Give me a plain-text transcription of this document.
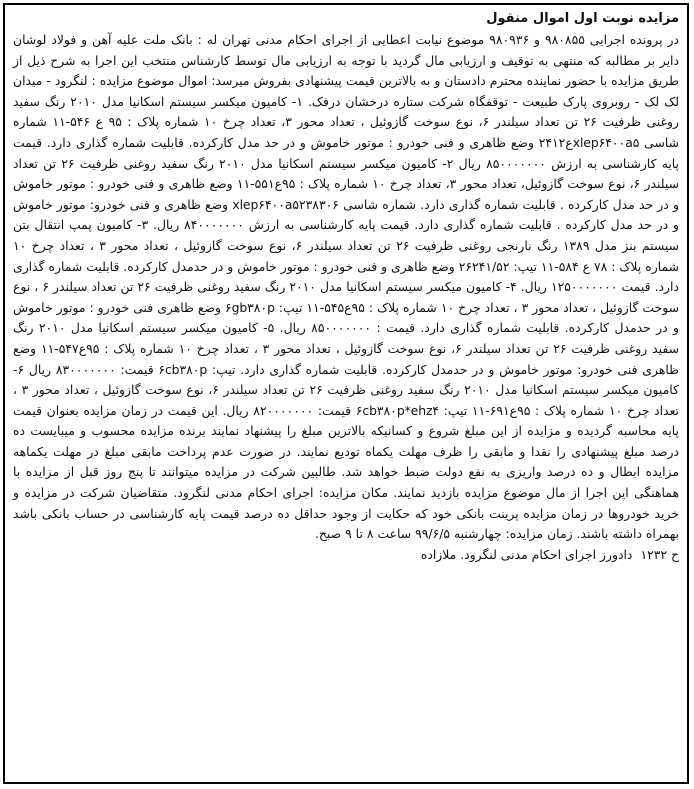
مزایده نوبت اول اموال منقول

در پرونده اجرایی ۹۸۰۸۵۵ و ۹۸۰۹۳۶ موضوع نیابت اعطایی از اجرای احکام مدنی تهران له : بانک ملت علیه آهن و فولاد لوشان دایر بر مطالبه که منتهی به توقیف و ارزیابی مال گردید با توجه به ارزیابی مال توسط کارشناس منتخب این اجرا به شرح ذیل از طریق مزایده با حضور نماینده محترم دادستان و به بالاترین قیمت پیشنهادی بفروش میرسد: اموال موضوع مزایده : لنگرود - میدان لک لک - روبروی پارک طبیعت - توقفگاه شرکت ستاره درخشان درفک. ۱- کامیون میکسر سیستم اسکانیا مدل ۲۰۱۰ رنگ سفید روغنی ظرفیت ۲۶ تن تعداد سیلندر ۶، نوع سوخت گازوئیل ، تعداد محور ۳، تعداد چرخ ۱۰ شماره پلاک : ۹۵ ع ۵۴۶-۱۱ شماره شاسی xlep۶۴۰۰a۵ع۲۴۱۲ وضع ظاهری و فنی خودرو : موتور خاموش و در حد مدل کارکرده. قابلیت شماره گذاری دارد. قیمت پایه کارشناسی به ارزش ۸۵۰۰۰۰۰۰۰ ریال ۲- کامیون میکسر سیستم اسکانیا مدل ۲۰۱۰ رنگ سفید روغنی ظرفیت ۲۶ تن تعداد سیلندر ۶، نوع سوخت گازوئیل، تعداد محور ۳، تعداد چرخ ۱۰ شماره پلاک : ۹۵ع۵۵۱-۱۱ وضع ظاهری و فنی خودرو : موتور خاموش و در حد مدل کارکرده . قابلیت شماره گذاری دارد. شماره شاسی xlep۶۴۰۰a۵۲۳۸۳۰۶ وضع ظاهری و فنی خودرو: موتور خاموش و در حد مدل کارکرده . قابلیت شماره گذاری دارد. قیمت پایه کارشناسی به ارزش ۸۴۰۰۰۰۰۰۰ ریال. ۳- کامیون پمپ انتقال بتن سیستم بنز مدل ۱۳۸۹ رنگ نارنجی روغنی ظرفیت ۲۶ تن تعداد سیلندر ۶، نوع سوخت گازوئیل ، تعداد محور ۳ ، تعداد چرخ ۱۰ شماره پلاک : ۷۸ ع ۵۸۴-۱۱ تیپ: ۲۶۲۴۱/۵۲ وضع ظاهری و فنی خودرو : موتور خاموش و در حدمدل کارکرده. قابلیت شماره گذاری دارد. قیمت ۱۲۵۰۰۰۰۰۰۰ ریال. ۴- کامیون میکسر سیستم اسکانیا مدل ۲۰۱۰ رنگ سفید روغنی ظرفیت ۲۶ تن تعداد سیلندر ۶ ، نوع سوخت گازوئیل ، تعداد محور ۳ ، تعداد چرخ ۱۰ شماره پلاک : ۹۵ع۵۴۵-۱۱ تیپ: ۶gb۳۸۰p وضع ظاهری فنی خودرو : موتور خاموش و در حدمدل کارکرده. قابلیت شماره گذاری دارد. قیمت : ۸۵۰۰۰۰۰۰۰ ریال. ۵- کامیون میکسر سیستم اسکانیا مدل ۲۰۱۰ رنگ سفید روغنی ظرفیت ۲۶ تن تعداد سیلندر ۶، نوع سوخت گازوئیل ، تعداد محور ۳ ، تعداد چرخ ۱۰ شماره پلاک : ۹۵ع۵۴۷-۱۱ وضع ظاهری فنی خودرو: موتور خاموش و در حدمدل کارکرده. قابلیت شماره گذاری دارد. تیپ: ۶cb۳۸۰p قیمت: ۸۳۰۰۰۰۰۰۰ ریال ۶- کامیون میکسر سیستم اسکانیا مدل ۲۰۱۰ رنگ سفید روغنی ظرفیت ۲۶ تن تعداد سیلندر ۶، نوع سوخت گازوئیل ، تعداد محور ۳ ، تعداد چرخ ۱۰ شماره پلاک : ۹۵ع۶۹۱-۱۱ تیپ: ۶cb۳۸۰p*ehz۴ قیمت: ۸۲۰۰۰۰۰۰۰ ریال. این قیمت در زمان مزایده بعنوان قیمت پایه محاسبه گردیده و مزایده از این مبلغ شروع و کسانیکه بالاترین مبلغ را پیشنهاد نمایند برنده مزایده محسوب و میبایست ده درصد مبلغ پیشنهادی را نقدا و مابقی را ظرف مهلت یکماه تودیع نمایند. در صورت عدم پرداخت مابقی مبلغ در مهلت یکماهه مزایده ابطال و ده درصد واریزی به نفع دولت ضبط خواهد شد. طالبین شرکت در مزایده میتوانند تا پنج روز قبل از مزایده با هماهنگی این اجرا از مال موضوع مزایده بازدید نمایند. مکان مزایده: اجرای احکام مدنی لنگرود. متقاضیان شرکت در مزایده و خرید خودروها در زمان مزایده پرینت بانکی خود که حکایت از وجود حداقل ده درصد قیمت پایه کارشناسی در حساب بانکی باشد بهمراه داشته باشند. زمان مزایده: چهارشنبه ۹۹/۶/۵ ساعت ۸ تا ۹ صبح.

ح ۱۲۳۲دادورز اجرای احکام مدنی لنگرود. ملازاده
